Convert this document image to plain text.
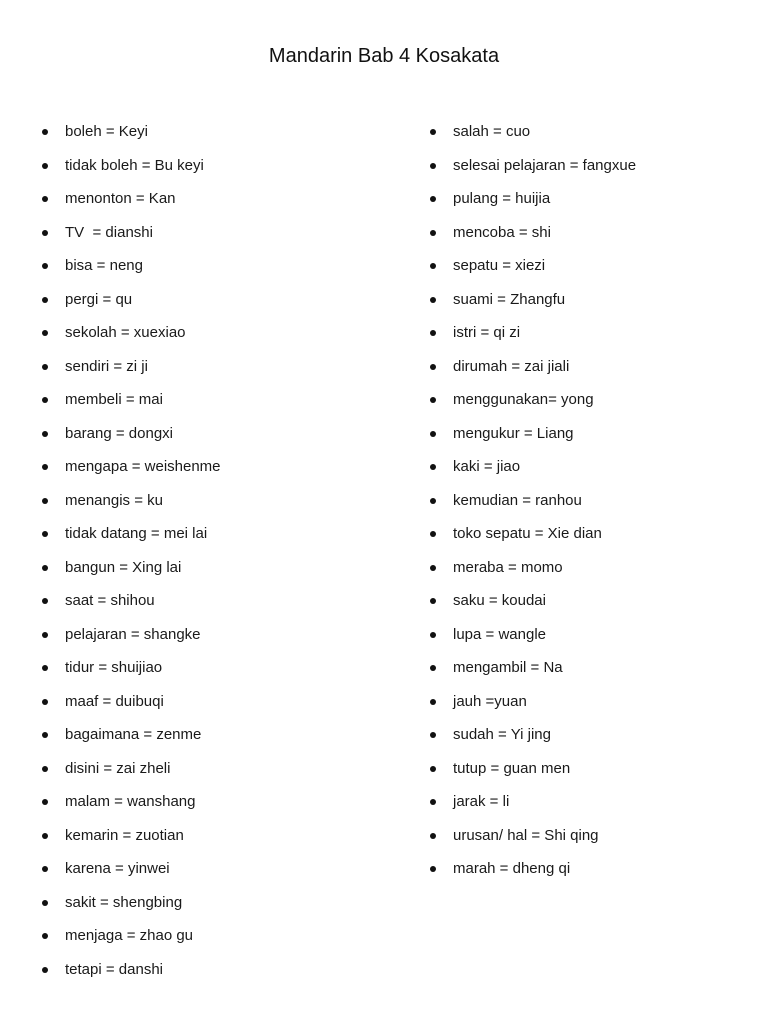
Mandarin Bab 4 Kosakata
boleh = Keyi
tidak boleh = Bu keyi
menonton = Kan
TV  = dianshi
bisa = neng
pergi = qu
sekolah = xuexiao
sendiri = zi ji
membeli = mai
barang = dongxi
mengapa = weishenme
menangis = ku
tidak datang = mei lai
bangun = Xing lai
saat = shihou
pelajaran = shangke
tidur = shuijiao
maaf = duibuqi
bagaimana = zenme
disini = zai zheli
malam = wanshang
kemarin = zuotian
karena = yinwei
sakit = shengbing
menjaga = zhao gu
tetapi = danshi
salah = cuo
selesai pelajaran = fangxue
pulang = huijia
mencoba = shi
sepatu = xiezi
suami = Zhangfu
istri = qi zi
dirumah = zai jiali
menggunakan= yong
mengukur = Liang
kaki = jiao
kemudian = ranhou
toko sepatu = Xie dian
meraba = momo
saku = koudai
lupa = wangle
mengambil = Na
jauh =yuan
sudah = Yi jing
tutup = guan men
jarak = li
urusan/ hal = Shi qing
marah = dheng qi
